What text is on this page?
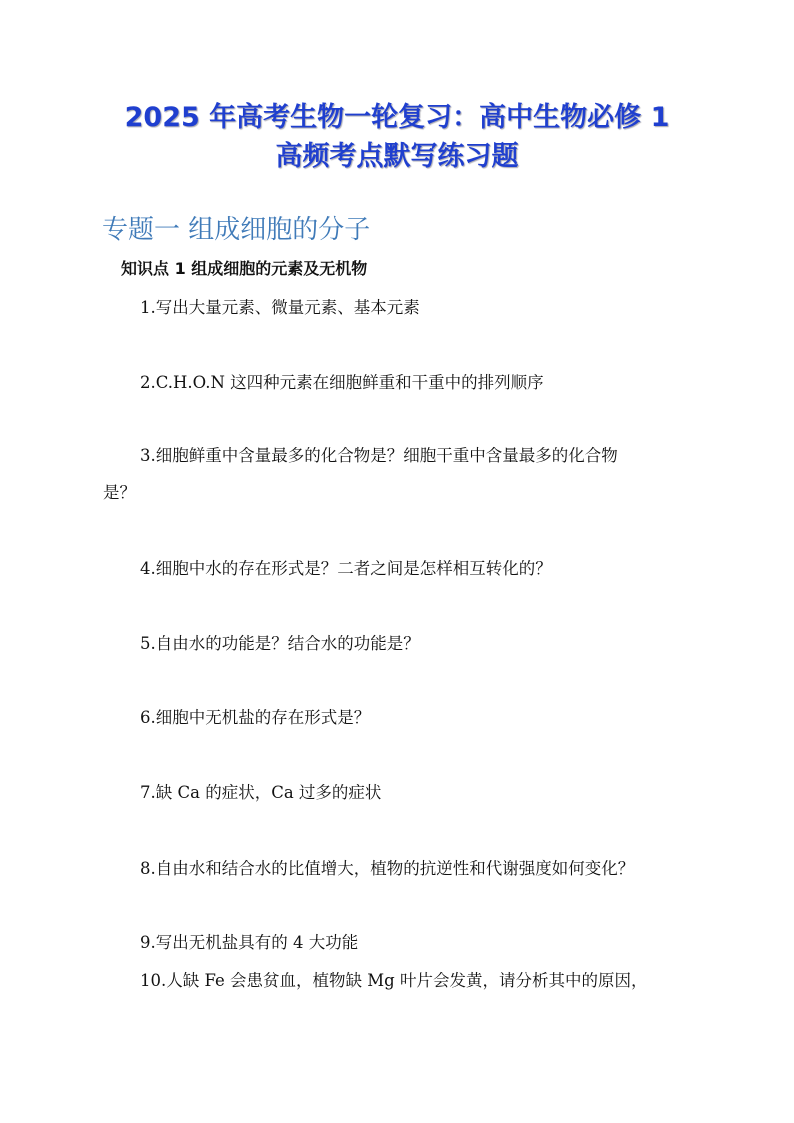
2025 年高考生物一轮复习：高中生物必修 1
高频考点默写练习题
专题一 组成细胞的分子
知识点 1 组成细胞的元素及无机物

1.写出大量元素、微量元素、基本元素

2.C.H.O.N 这四种元素在细胞鲜重和干重中的排列顺序

3.细胞鲜重中含量最多的化合物是？细胞干重中含量最多的化合物

是？

4.细胞中水的存在形式是？二者之间是怎样相互转化的？

5.自由水的功能是？结合水的功能是？

6.细胞中无机盐的存在形式是？

7.缺 Ca 的症状，Ca 过多的症状

8.自由水和结合水的比值增大，植物的抗逆性和代谢强度如何变化？

9.写出无机盐具有的 4 大功能

10.人缺 Fe 会患贫血，植物缺 Mg 叶片会发黄，请分析其中的原因，
